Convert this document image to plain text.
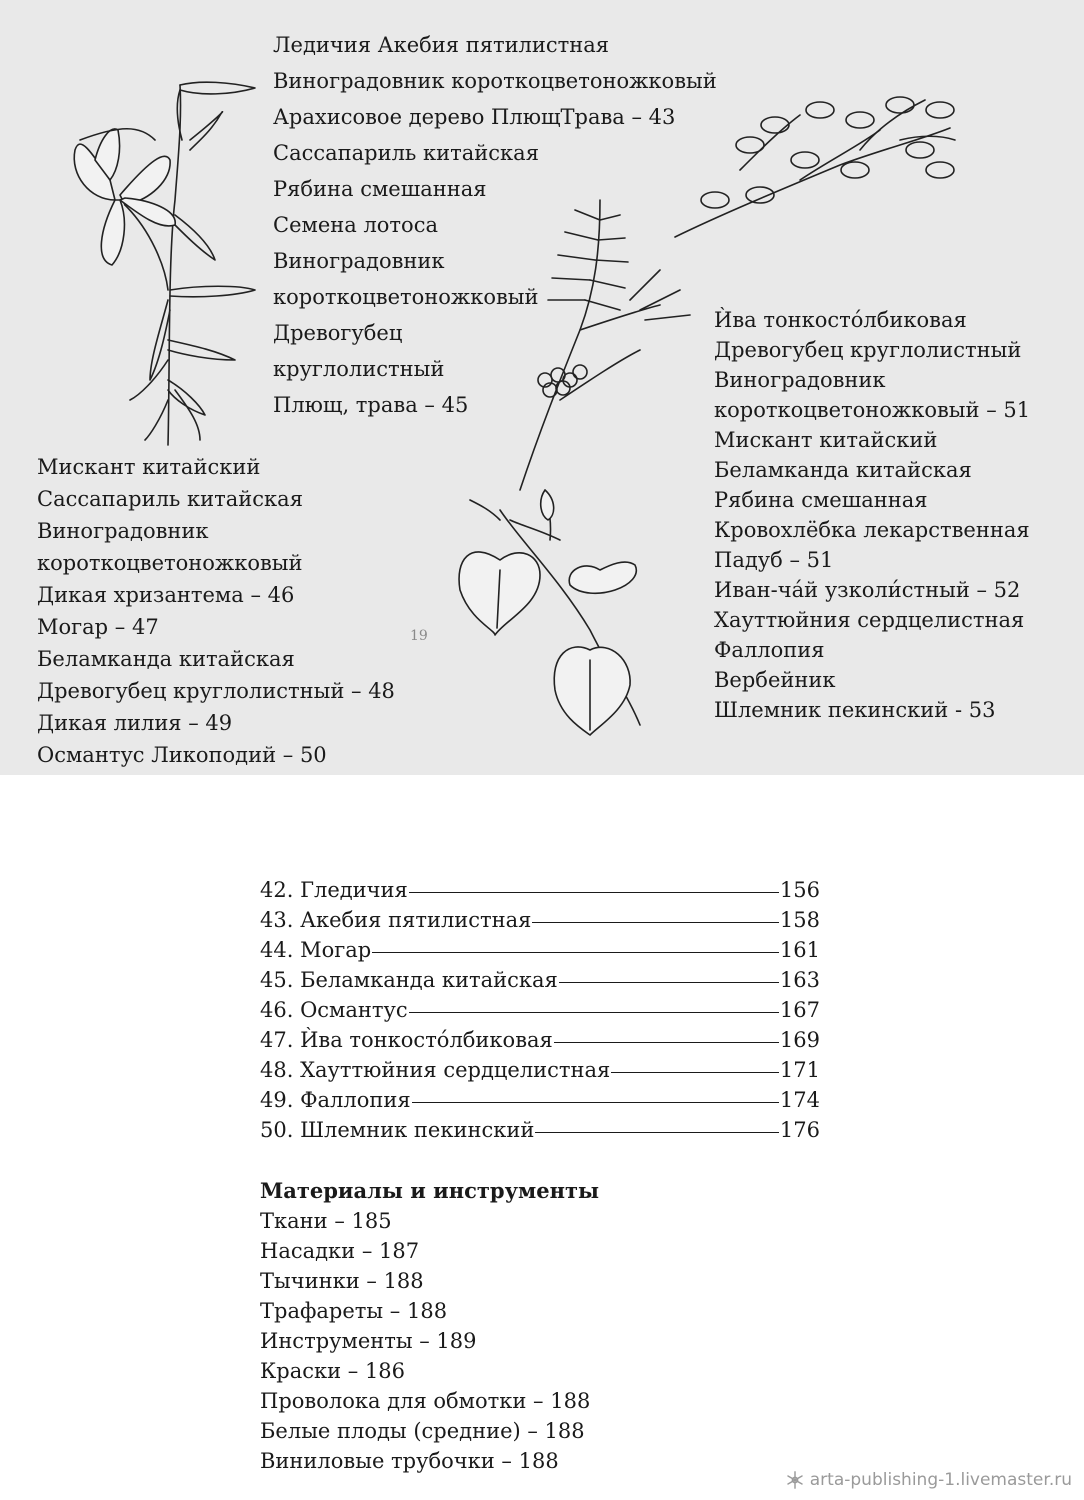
19
Ледичия Акебия пятилистная
Виноградовник короткоцветоножковый
Арахисовое дерево ПлющТрава – 43
Сассапариль китайская
Рябина смешанная
Семена лотоса
Виноградовник
короткоцветоножковый
Древогубец
круглолистный
Плющ, трава – 45
Мискант китайский
Сассапариль китайская
Виноградовник
короткоцветоножковый
Дикая хризантема – 46
Могар – 47
Беламканда китайская
Древогубец круглолистный – 48
Дикая лилия – 49
Османтус Ликоподий – 50
Ѝва тонкосто́лбиковая
Древогубец круглолистный
Виноградовник
короткоцветоножковый – 51
Мискант китайский
Беламканда китайская
Рябина смешанная
Кровохлёбка лекарственная
Падуб – 51
Иван-ча́й узколи́стный – 52
Хауттюйния сердцелистная
Фаллопия
Вербейник
Шлемник пекинский - 53
42. Гледичия	156
43. Акебия пятилистная	158
44. Могар	161
45. Беламканда китайская	163
46. Османтус	167
47. Ѝва тонкосто́лбиковая	169
48. Хауттюйния сердцелистная	171
49. Фаллопия	174
50. Шлемник пекинский	176
Материалы и инструменты
Ткани – 185
Насадки – 187
Тычинки – 188
Трафареты – 188
Инструменты – 189
Краски – 186
Проволока для обмотки – 188
Белые плоды (средние) – 188
Виниловые трубочки – 188
arta-publishing-1.livemaster.ru
